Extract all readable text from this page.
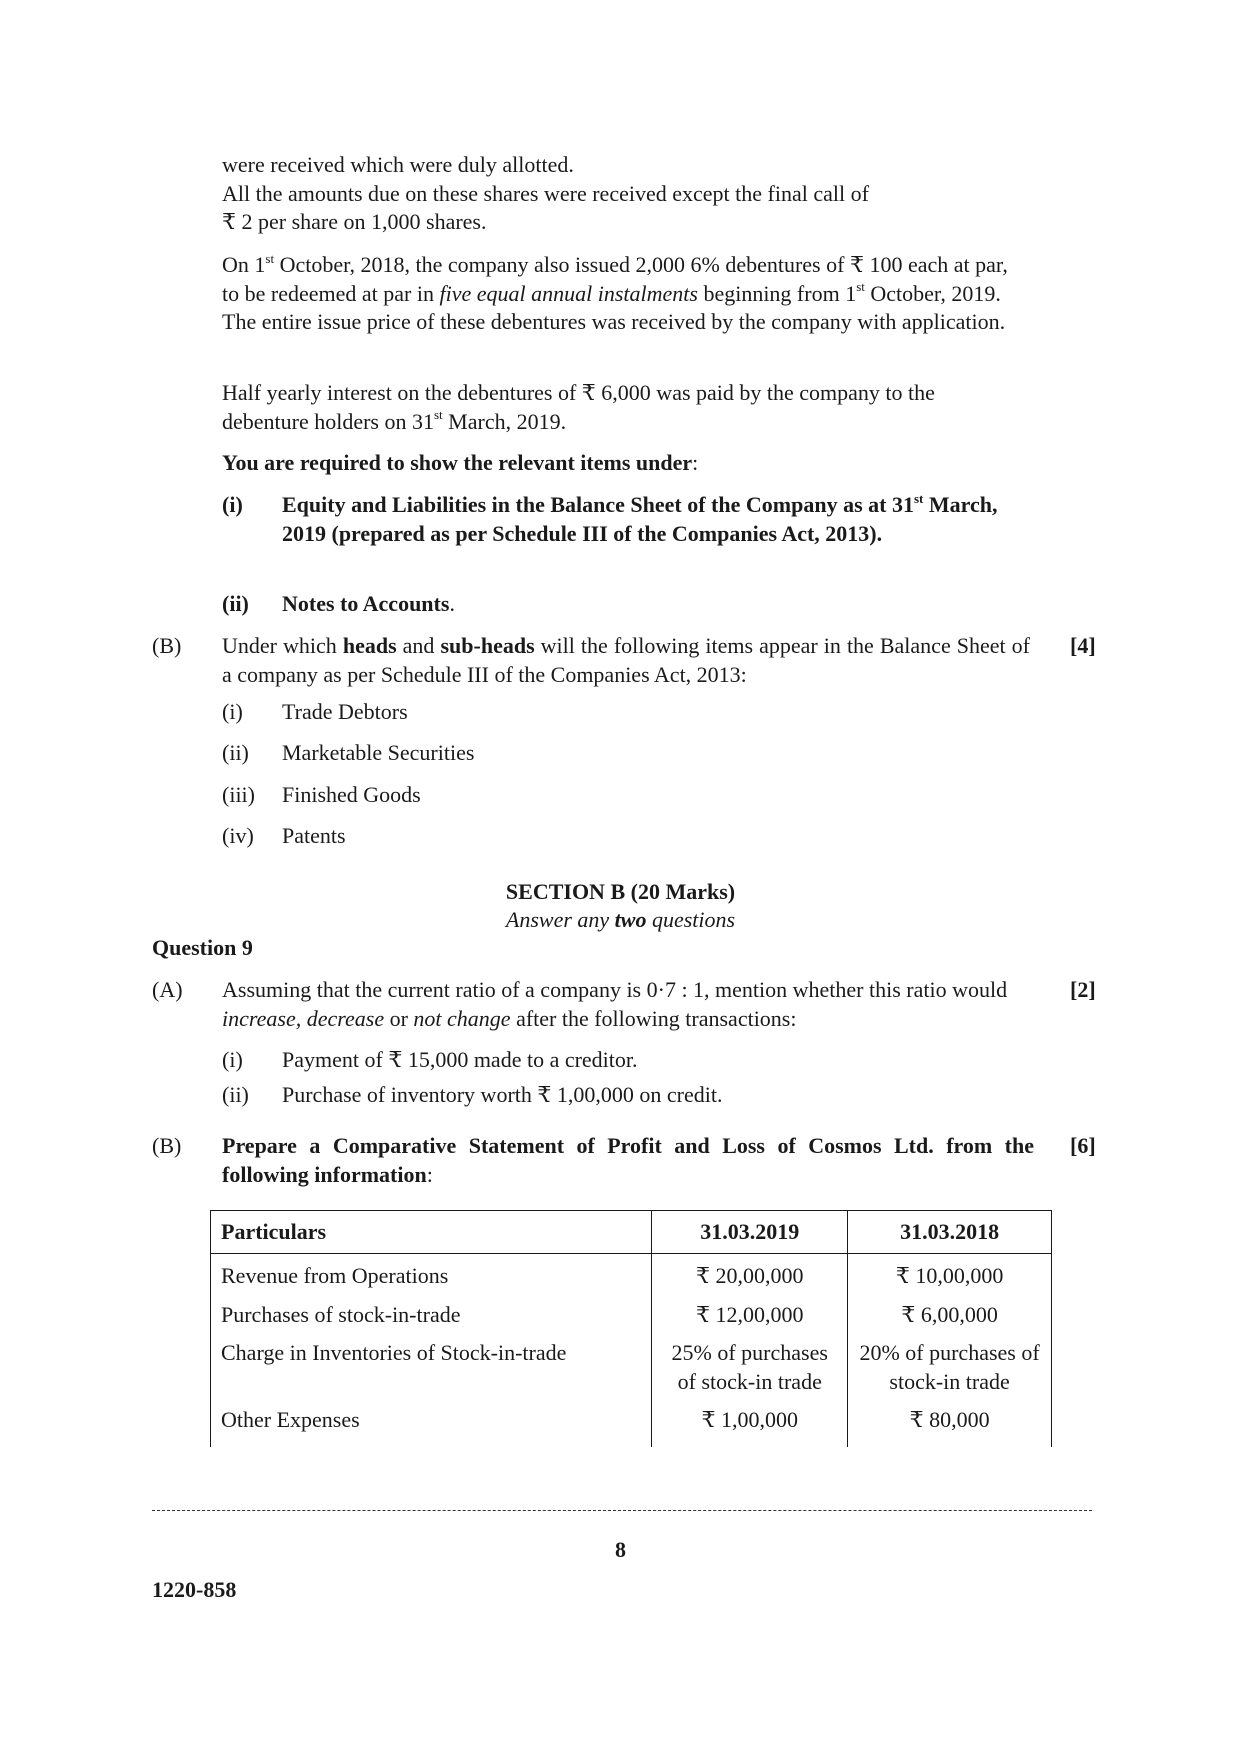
were received which were duly allotted.

All the amounts due on these shares were received except the final call of

₹ 2 per share on 1,000 shares.

On 1st October, 2018, the company also issued 2,000 6% debentures of ₹ 100 each at par, to be redeemed at par in five equal annual instalments beginning from 1st October, 2019. The entire issue price of these debentures was received by the company with application.

Half yearly interest on the debentures of ₹ 6,000 was paid by the company to the debenture holders on 31st March, 2019.

You are required to show the relevant items under:
(i)	Equity and Liabilities in the Balance Sheet of the Company as at 31st March, 2019 (prepared as per Schedule III of the Companies Act, 2013).
(ii)	Notes to Accounts.
(B) Under which heads and sub-heads will the following items appear in the Balance Sheet of a company as per Schedule III of the Companies Act, 2013:

[4]
(i) Trade Debtors
(ii) Marketable Securities
(iii) Finished Goods
(iv) Patents
SECTION B (20 Marks)
Answer any two questions
Question 9
(A) Assuming that the current ratio of a company is 0·7 : 1, mention whether this ratio would increase, decrease or not change after the following transactions:

[2]
(i) Payment of ₹ 15,000 made to a creditor.
(ii) Purchase of inventory worth ₹ 1,00,000 on credit.
(B) Prepare a Comparative Statement of Profit and Loss of Cosmos Ltd. from the following information:

[6]
Particulars	31.03.2019	31.03.2018
Revenue from Operations	₹ 20,00,000	₹ 10,00,000
Purchases of stock-in-trade	₹ 12,00,000	₹ 6,00,000
Charge in Inventories of Stock-in-trade	25% of purchases of stock-in trade	20% of purchases of stock-in trade
Other Expenses	₹ 1,00,000	₹ 80,000
8
1220-858
